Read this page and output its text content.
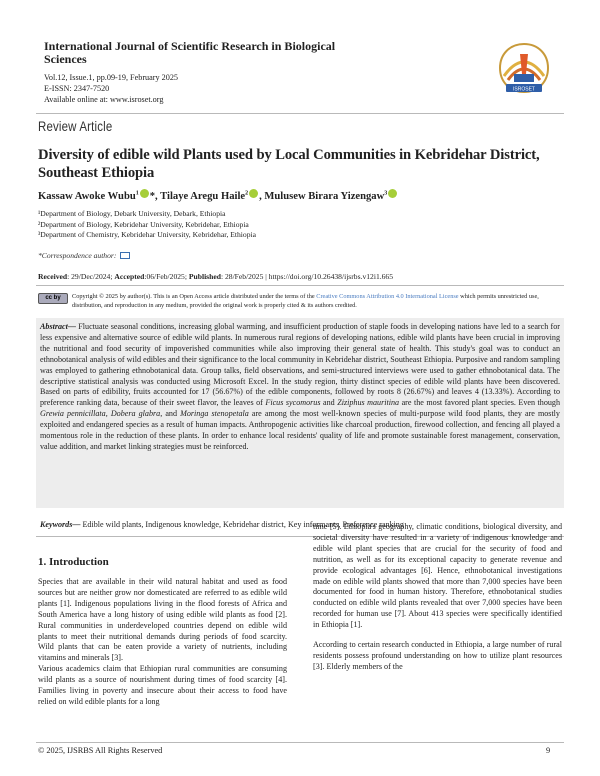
International Journal of Scientific Research in Biological Sciences
Vol.12, Issue.1, pp.09-19, February 2025
E-ISSN: 2347-7520
Available online at: www.isroset.org
ISROSET
Review Article
Diversity of edible wild Plants used by Local Communities in Kebridehar District, Southeast Ethiopia
Kassaw Awoke Wubu$^1$ *, Tilaye Aregu Haile$^2$ , Mulusew Birara Yizengaw$^3$
¹Department of Biology, Debark University, Debark, Ethiopia
²Department of Biology, Kebridehar University, Kebridehar, Ethiopia
³Department of Chemistry, Kebridehar University, Kebridehar, Ethiopia
*Correspondence author:
Received: 29/Dec/2024; Accepted:06/Feb/2025; Published: 28/Feb/2025 | https://doi.org/10.26438/ijsrbs.v12i1.665
cc by	Copyright © 2025 by author(s). This is an Open Access article distributed under the terms of the Creative Commons Attribution 4.0 International License which permits unrestricted use, distribution, and reproduction in any medium, provided the original work is properly cited & its authors credited.
Abstract— Fluctuate seasonal conditions, increasing global warming, and insufficient production of staple foods in developing nations have led to a search for less expensive and alternative source of edible wild plants. In numerous rural regions of developing nations, edible wild plants have been crucial in improving the nutritional and food security of impoverished communities while also improving their general state of health. This study's goal was to conduct an ethnobotanical analysis of wild edibles and their significance to the local community in Kebridehar district, Southeast Ethiopia. Purposive and random sampling was employed to gathering ethnobotanical data. Group talks, field observations, and semi-structured interviews were used to gather ethnobotanical data. The descriptive statistical analysis was conducted using Microsoft Excel. In the study region, thirty distinct species of edible wild plants have been discovered. Based on parts of edibility, fruits accounted for 17 (56.67%) of the edible components, followed by roots 8 (26.67%) and leaves 4 (13.33%). According to preference ranking data, because of their sweet flavor, the leaves of Ficus sycomorus and Ziziphus mauritina are the most favored plant species. Even though Grewia pennicillata, Dobera glabra, and Moringa stenopetala are among the most well-known species of multi-purpose wild food plants, they are mostly exploited and endangered species as a result of human impacts. Anthropogenic activities like charcoal production, firewood collection, and fencing all played a momentous role in the reduction of these plants. In order to enhance local residents' quality of life and promote sustainable forest management, conservation, value addition, and market linking strategies must be reinforced.
Keywords— Edible wild plants, Indigenous knowledge, Kebridehar district, Key informants, Preference ranking
1. Introduction

Species that are available in their wild natural habitat and used as food sources but are neither grow nor domesticated are referred to as edible wild plants [1]. Indigenous populations living in the flood forests of Africa and South America have a long history of using edible wild plants as food [2]. Rural communities in underdeveloped countries depend on edible wild plants to meet their nutritional demands during periods of food scarcity. Wild plants that can be eaten provide a variety of nutrients, including vitamins and minerals [3].

Various academics claim that Ethiopian rural communities are consuming wild plants as a source of nourishment during times of food scarcity [4]. Families living in poverty and insecure about their access to food have relied on wild edible plants for a long

time [5]. Ethiopia's geography, climatic conditions, biological diversity, and societal diversity have resulted in a variety of indigenous knowledge and edible wild plant species that are crucial for the security of food and nutrition, as well as for its exceptional capacity to generate revenue and provide ecological advantages [6]. Hence, ethnobotanical investigations made on edible wild plants showed that more than 7,000 species have been documented for food in human history. Therefore, ethnobotanical studies conducted on edible wild plants revealed that over 7,000 species have been recorded for human use [7]. About 413 species were specifically identified in Ethiopia [1].

According to certain research conducted in Ethiopia, a large number of rural residents possess profound understanding on how to utilize plant resources [3]. Elderly members of the

© 2025, IJSRBS All Rights Reserved	9
